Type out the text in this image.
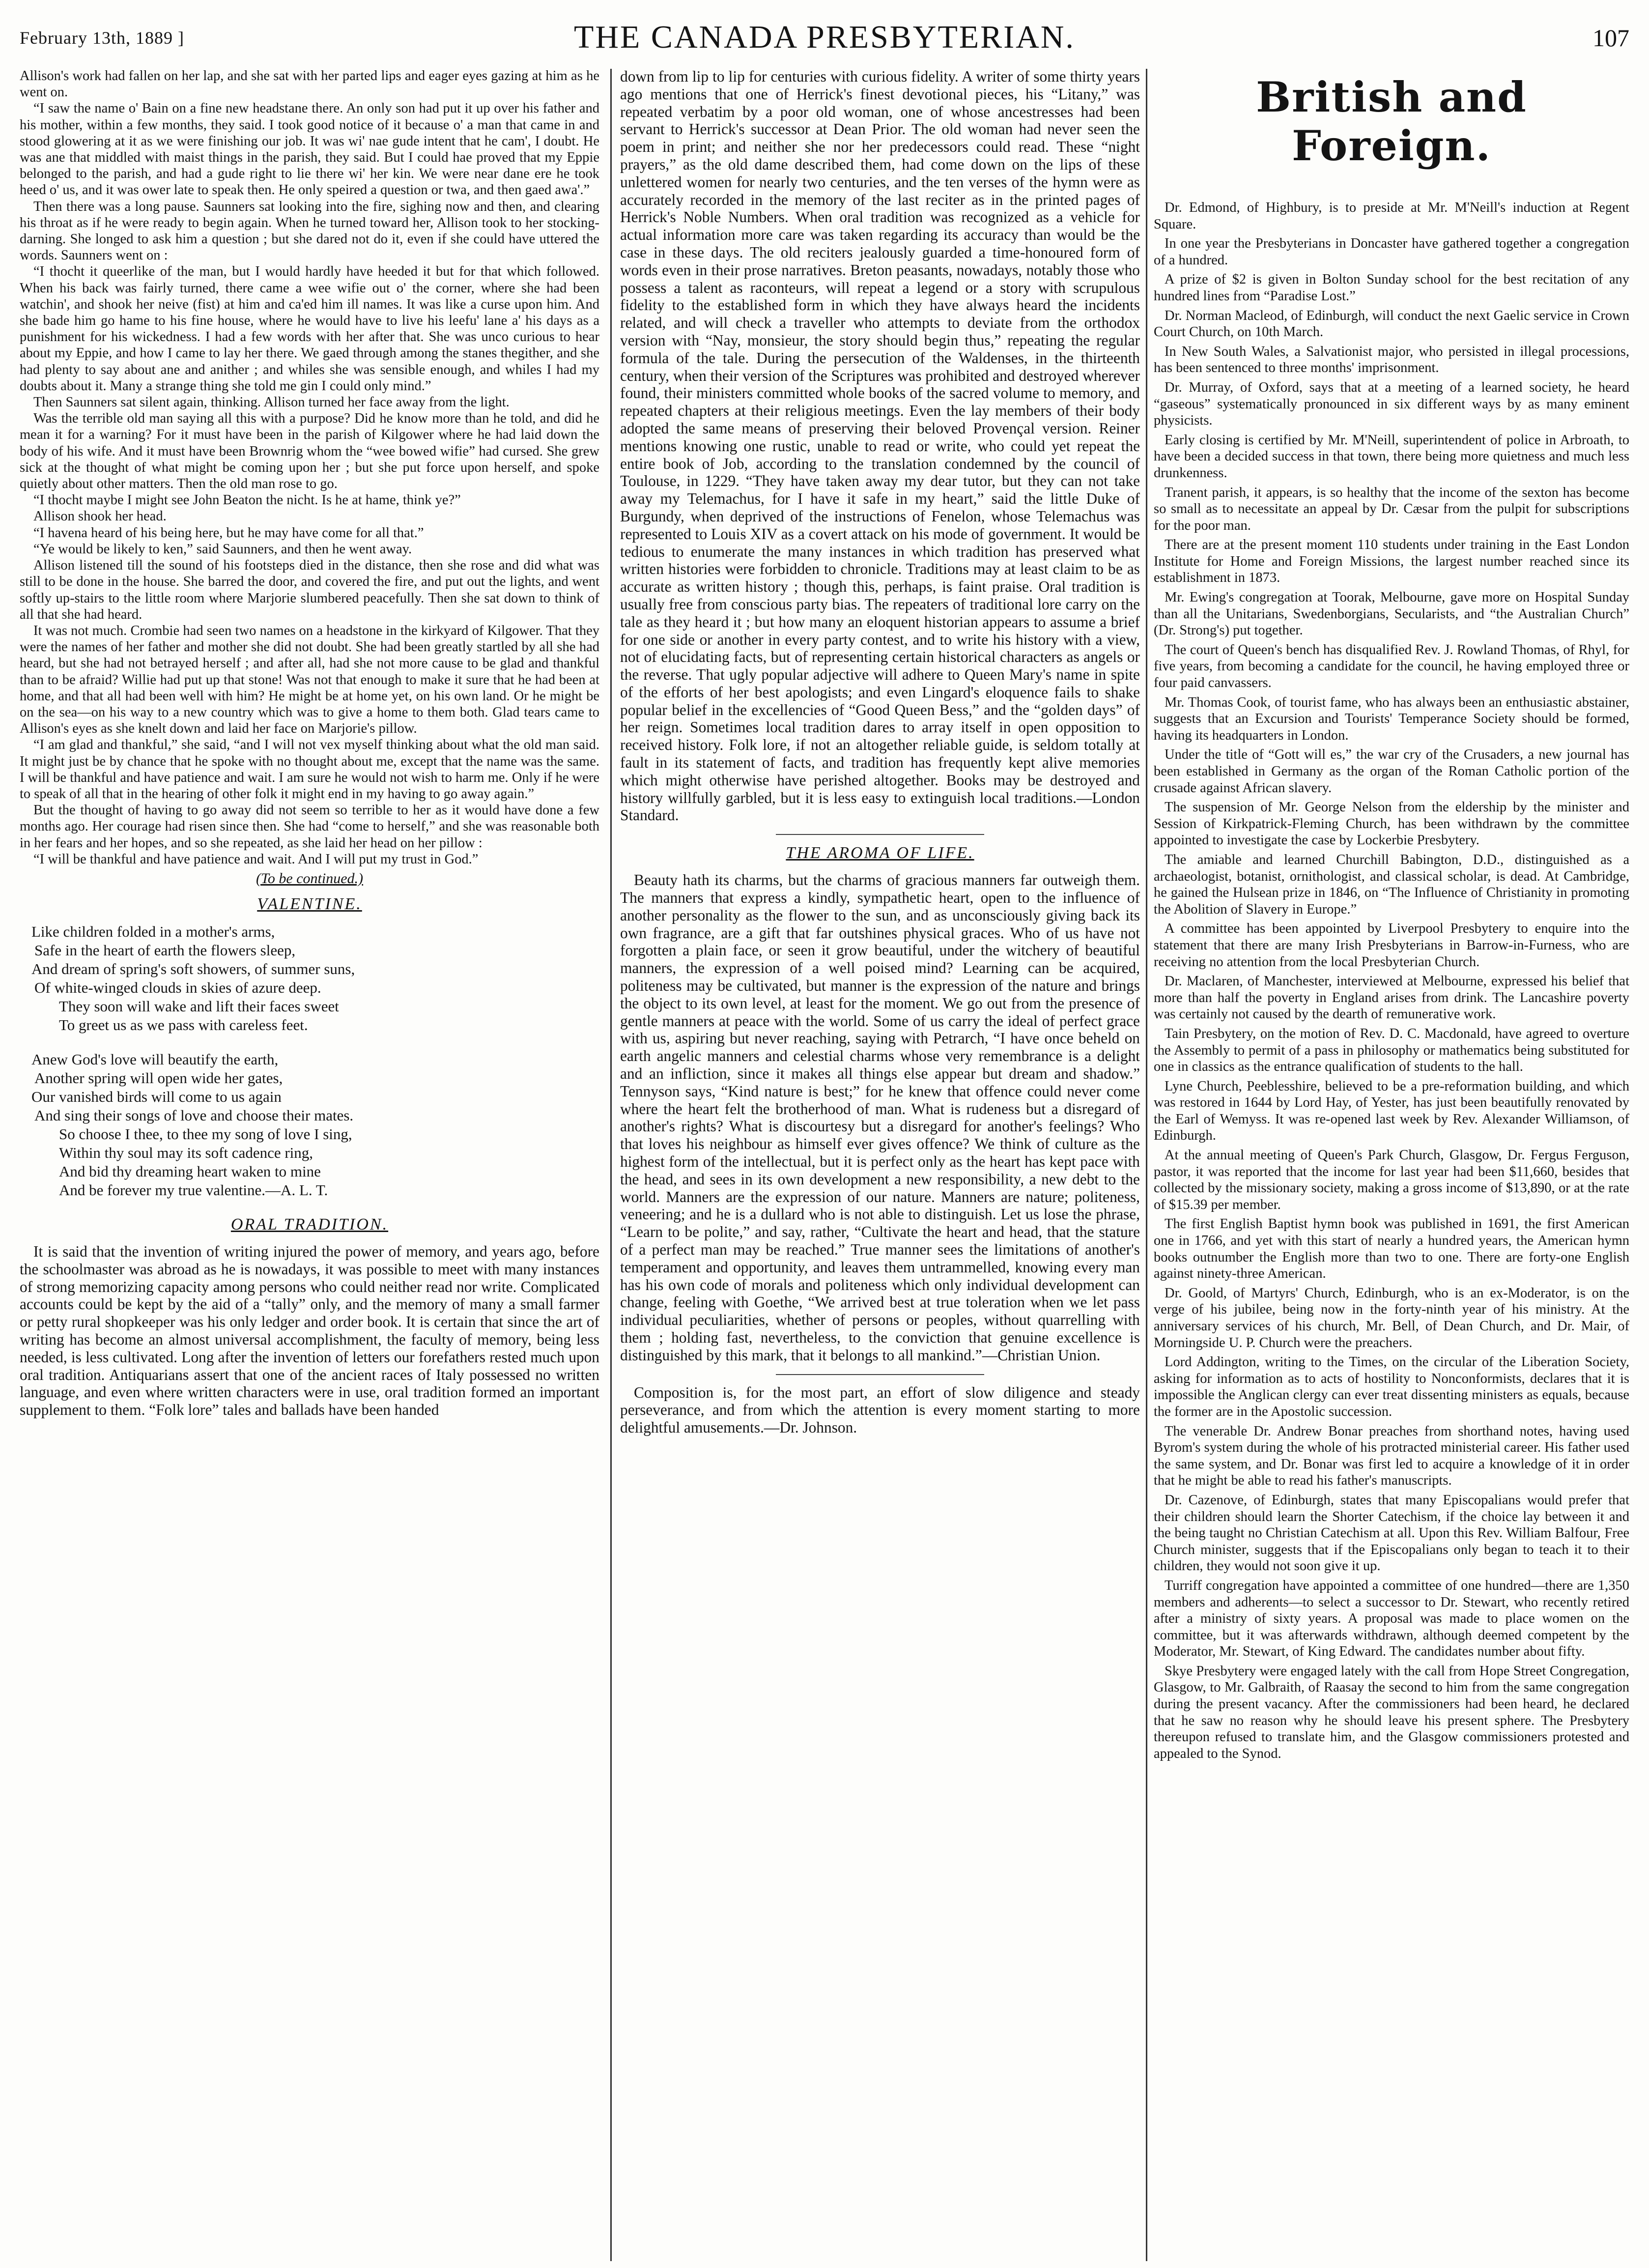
February 13th, 1889 ]	THE CANADA PRESBYTERIAN.	107

Allison's work had fallen on her lap, and she sat with her parted lips and eager eyes gazing at him as he went on.

“I saw the name o' Bain on a fine new headstane there. An only son had put it up over his father and his mother, within a few months, they said. I took good notice of it because o' a man that came in and stood glowering at it as we were finishing our job. It was wi' nae gude intent that he cam', I doubt. He was ane that middled with maist things in the parish, they said. But I could hae proved that my Eppie belonged to the parish, and had a gude right to lie there wi' her kin. We were near dane ere he took heed o' us, and it was ower late to speak then. He only speired a question or twa, and then gaed awa'.”

Then there was a long pause. Saunners sat looking into the fire, sighing now and then, and clearing his throat as if he were ready to begin again. When he turned toward her, Allison took to her stocking-darning. She longed to ask him a question ; but she dared not do it, even if she could have uttered the words. Saunners went on :

“I thocht it queerlike of the man, but I would hardly have heeded it but for that which followed. When his back was fairly turned, there came a wee wifie out o' the corner, where she had been watchin', and shook her neive (fist) at him and ca'ed him ill names. It was like a curse upon him. And she bade him go hame to his fine house, where he would have to live his leefu' lane a' his days as a punishment for his wickedness. I had a few words with her after that. She was unco curious to hear about my Eppie, and how I came to lay her there. We gaed through among the stanes thegither, and she had plenty to say about ane and anither ; and whiles she was sensible enough, and whiles I had my doubts about it. Many a strange thing she told me gin I could only mind.”

Then Saunners sat silent again, thinking. Allison turned her face away from the light.

Was the terrible old man saying all this with a purpose? Did he know more than he told, and did he mean it for a warning? For it must have been in the parish of Kilgower where he had laid down the body of his wife. And it must have been Brownrig whom the “wee bowed wifie” had cursed. She grew sick at the thought of what might be coming upon her ; but she put force upon herself, and spoke quietly about other matters. Then the old man rose to go.

“I thocht maybe I might see John Beaton the nicht. Is he at hame, think ye?”

Allison shook her head.

“I havena heard of his being here, but he may have come for all that.”

“Ye would be likely to ken,” said Saunners, and then he went away.

Allison listened till the sound of his footsteps died in the distance, then she rose and did what was still to be done in the house. She barred the door, and covered the fire, and put out the lights, and went softly up-stairs to the little room where Marjorie slumbered peacefully. Then she sat down to think of all that she had heard.

It was not much. Crombie had seen two names on a headstone in the kirkyard of Kilgower. That they were the names of her father and mother she did not doubt. She had been greatly startled by all she had heard, but she had not betrayed herself ; and after all, had she not more cause to be glad and thankful than to be afraid? Willie had put up that stone! Was not that enough to make it sure that he had been at home, and that all had been well with him? He might be at home yet, on his own land. Or he might be on the sea—on his way to a new country which was to give a home to them both. Glad tears came to Allison's eyes as she knelt down and laid her face on Marjorie's pillow.

“I am glad and thankful,” she said, “and I will not vex myself thinking about what the old man said. It might just be by chance that he spoke with no thought about me, except that the name was the same. I will be thankful and have patience and wait. I am sure he would not wish to harm me. Only if he were to speak of all that in the hearing of other folk it might end in my having to go away again.”

But the thought of having to go away did not seem so terrible to her as it would have done a few months ago. Her courage had risen since then. She had “come to herself,” and she was reasonable both in her fears and her hopes, and so she repeated, as she laid her head on her pillow :

“I will be thankful and have patience and wait. And I will put my trust in God.”

(To be continued.)
VALENTINE.
Like children folded in a mother's arms,
Safe in the heart of earth the flowers sleep,
And dream of spring's soft showers, of summer suns,
Of white-winged clouds in skies of azure deep.
They soon will wake and lift their faces sweet
To greet us as we pass with careless feet.
Anew God's love will beautify the earth,
Another spring will open wide her gates,
Our vanished birds will come to us again
And sing their songs of love and choose their mates.
So choose I thee, to thee my song of love I sing,
Within thy soul may its soft cadence ring,
And bid thy dreaming heart waken to mine
And be forever my true valentine.—A. L. T.
ORAL TRADITION.

It is said that the invention of writing injured the power of memory, and years ago, before the schoolmaster was abroad as he is nowadays, it was possible to meet with many instances of strong memorizing capacity among persons who could neither read nor write. Complicated accounts could be kept by the aid of a “tally” only, and the memory of many a small farmer or petty rural shopkeeper was his only ledger and order book. It is certain that since the art of writing has become an almost universal accomplishment, the faculty of memory, being less needed, is less cultivated. Long after the invention of letters our forefathers rested much upon oral tradition. Antiquarians assert that one of the ancient races of Italy possessed no written language, and even where written characters were in use, oral tradition formed an important supplement to them. “Folk lore” tales and ballads have been handed

down from lip to lip for centuries with curious fidelity. A writer of some thirty years ago mentions that one of Herrick's finest devotional pieces, his “Litany,” was repeated verbatim by a poor old woman, one of whose ancestresses had been servant to Herrick's successor at Dean Prior. The old woman had never seen the poem in print; and neither she nor her predecessors could read. These “night prayers,” as the old dame described them, had come down on the lips of these unlettered women for nearly two centuries, and the ten verses of the hymn were as accurately recorded in the memory of the last reciter as in the printed pages of Herrick's Noble Numbers. When oral tradition was recognized as a vehicle for actual information more care was taken regarding its accuracy than would be the case in these days. The old reciters jealously guarded a time-honoured form of words even in their prose narratives. Breton peasants, nowadays, notably those who possess a talent as raconteurs, will repeat a legend or a story with scrupulous fidelity to the established form in which they have always heard the incidents related, and will check a traveller who attempts to deviate from the orthodox version with “Nay, monsieur, the story should begin thus,” repeating the regular formula of the tale. During the persecution of the Waldenses, in the thirteenth century, when their version of the Scriptures was prohibited and destroyed wherever found, their ministers committed whole books of the sacred volume to memory, and repeated chapters at their religious meetings. Even the lay members of their body adopted the same means of preserving their beloved Provençal version. Reiner mentions knowing one rustic, unable to read or write, who could yet repeat the entire book of Job, according to the translation condemned by the council of Toulouse, in 1229. “They have taken away my dear tutor, but they can not take away my Telemachus, for I have it safe in my heart,” said the little Duke of Burgundy, when deprived of the instructions of Fenelon, whose Telemachus was represented to Louis XIV as a covert attack on his mode of government. It would be tedious to enumerate the many instances in which tradition has preserved what written histories were forbidden to chronicle. Traditions may at least claim to be as accurate as written history ; though this, perhaps, is faint praise. Oral tradition is usually free from conscious party bias. The repeaters of traditional lore carry on the tale as they heard it ; but how many an eloquent historian appears to assume a brief for one side or another in every party contest, and to write his history with a view, not of elucidating facts, but of representing certain historical characters as angels or the reverse. That ugly popular adjective will adhere to Queen Mary's name in spite of the efforts of her best apologists; and even Lingard's eloquence fails to shake popular belief in the excellencies of “Good Queen Bess,” and the “golden days” of her reign. Sometimes local tradition dares to array itself in open opposition to received history. Folk lore, if not an altogether reliable guide, is seldom totally at fault in its statement of facts, and tradition has frequently kept alive memories which might otherwise have perished altogether. Books may be destroyed and history willfully garbled, but it is less easy to extinguish local traditions.—London Standard.

THE AROMA OF LIFE.

Beauty hath its charms, but the charms of gracious manners far outweigh them. The manners that express a kindly, sympathetic heart, open to the influence of another personality as the flower to the sun, and as unconsciously giving back its own fragrance, are a gift that far outshines physical graces. Who of us have not forgotten a plain face, or seen it grow beautiful, under the witchery of beautiful manners, the expression of a well poised mind? Learning can be acquired, politeness may be cultivated, but manner is the expression of the nature and brings the object to its own level, at least for the moment. We go out from the presence of gentle manners at peace with the world. Some of us carry the ideal of perfect grace with us, aspiring but never reaching, saying with Petrarch, “I have once beheld on earth angelic manners and celestial charms whose very remembrance is a delight and an infliction, since it makes all things else appear but dream and shadow.” Tennyson says, “Kind nature is best;” for he knew that offence could never come where the heart felt the brotherhood of man. What is rudeness but a disregard of another's rights? What is discourtesy but a disregard for another's feelings? Who that loves his neighbour as himself ever gives offence? We think of culture as the highest form of the intellectual, but it is perfect only as the heart has kept pace with the head, and sees in its own development a new responsibility, a new debt to the world. Manners are the expression of our nature. Manners are nature; politeness, veneering; and he is a dullard who is not able to distinguish. Let us lose the phrase, “Learn to be polite,” and say, rather, “Cultivate the heart and head, that the stature of a perfect man may be reached.” True manner sees the limitations of another's temperament and opportunity, and leaves them untrammelled, knowing every man has his own code of morals and politeness which only individual development can change, feeling with Goethe, “We arrived best at true toleration when we let pass individual peculiarities, whether of persons or peoples, without quarrelling with them ; holding fast, nevertheless, to the conviction that genuine excellence is distinguished by this mark, that it belongs to all mankind.”—Christian Union.

Composition is, for the most part, an effort of slow diligence and steady perseverance, and from which the attention is every moment starting to more delightful amusements.—Dr. Johnson.

British and Foreign.

Dr. Edmond, of Highbury, is to preside at Mr. M'Neill's induction at Regent Square.

In one year the Presbyterians in Doncaster have gathered together a congregation of a hundred.

A prize of $2 is given in Bolton Sunday school for the best recitation of any hundred lines from “Paradise Lost.”

Dr. Norman Macleod, of Edinburgh, will conduct the next Gaelic service in Crown Court Church, on 10th March.

In New South Wales, a Salvationist major, who persisted in illegal processions, has been sentenced to three months' imprisonment.

Dr. Murray, of Oxford, says that at a meeting of a learned society, he heard “gaseous” systematically pronounced in six different ways by as many eminent physicists.

Early closing is certified by Mr. M'Neill, superintendent of police in Arbroath, to have been a decided success in that town, there being more quietness and much less drunkenness.

Tranent parish, it appears, is so healthy that the income of the sexton has become so small as to necessitate an appeal by Dr. Cæsar from the pulpit for subscriptions for the poor man.

There are at the present moment 110 students under training in the East London Institute for Home and Foreign Missions, the largest number reached since its establishment in 1873.

Mr. Ewing's congregation at Toorak, Melbourne, gave more on Hospital Sunday than all the Unitarians, Swedenborgians, Secularists, and “the Australian Church” (Dr. Strong's) put together.

The court of Queen's bench has disqualified Rev. J. Rowland Thomas, of Rhyl, for five years, from becoming a candidate for the council, he having employed three or four paid canvassers.

Mr. Thomas Cook, of tourist fame, who has always been an enthusiastic abstainer, suggests that an Excursion and Tourists' Temperance Society should be formed, having its headquarters in London.

Under the title of “Gott will es,” the war cry of the Crusaders, a new journal has been established in Germany as the organ of the Roman Catholic portion of the crusade against African slavery.

The suspension of Mr. George Nelson from the eldership by the minister and Session of Kirkpatrick-Fleming Church, has been withdrawn by the committee appointed to investigate the case by Lockerbie Presbytery.

The amiable and learned Churchill Babington, D.D., distinguished as a archaeologist, botanist, ornithologist, and classical scholar, is dead. At Cambridge, he gained the Hulsean prize in 1846, on “The Influence of Christianity in promoting the Abolition of Slavery in Europe.”

A committee has been appointed by Liverpool Presbytery to enquire into the statement that there are many Irish Presbyterians in Barrow-in-Furness, who are receiving no attention from the local Presbyterian Church.

Dr. Maclaren, of Manchester, interviewed at Melbourne, expressed his belief that more than half the poverty in England arises from drink. The Lancashire poverty was certainly not caused by the dearth of remunerative work.

Tain Presbytery, on the motion of Rev. D. C. Macdonald, have agreed to overture the Assembly to permit of a pass in philosophy or mathematics being substituted for one in classics as the entrance qualification of students to the hall.

Lyne Church, Peeblesshire, believed to be a pre-reformation building, and which was restored in 1644 by Lord Hay, of Yester, has just been beautifully renovated by the Earl of Wemyss. It was re-opened last week by Rev. Alexander Williamson, of Edinburgh.

At the annual meeting of Queen's Park Church, Glasgow, Dr. Fergus Ferguson, pastor, it was reported that the income for last year had been $11,660, besides that collected by the missionary society, making a gross income of $13,890, or at the rate of $15.39 per member.

The first English Baptist hymn book was published in 1691, the first American one in 1766, and yet with this start of nearly a hundred years, the American hymn books outnumber the English more than two to one. There are forty-one English against ninety-three American.

Dr. Goold, of Martyrs' Church, Edinburgh, who is an ex-Moderator, is on the verge of his jubilee, being now in the forty-ninth year of his ministry. At the anniversary services of his church, Mr. Bell, of Dean Church, and Dr. Mair, of Morningside U. P. Church were the preachers.

Lord Addington, writing to the Times, on the circular of the Liberation Society, asking for information as to acts of hostility to Nonconformists, declares that it is impossible the Anglican clergy can ever treat dissenting ministers as equals, because the former are in the Apostolic succession.

The venerable Dr. Andrew Bonar preaches from shorthand notes, having used Byrom's system during the whole of his protracted ministerial career. His father used the same system, and Dr. Bonar was first led to acquire a knowledge of it in order that he might be able to read his father's manuscripts.

Dr. Cazenove, of Edinburgh, states that many Episcopalians would prefer that their children should learn the Shorter Catechism, if the choice lay between it and the being taught no Christian Catechism at all. Upon this Rev. William Balfour, Free Church minister, suggests that if the Episcopalians only began to teach it to their children, they would not soon give it up.

Turriff congregation have appointed a committee of one hundred—there are 1,350 members and adherents—to select a successor to Dr. Stewart, who recently retired after a ministry of sixty years. A proposal was made to place women on the committee, but it was afterwards withdrawn, although deemed competent by the Moderator, Mr. Stewart, of King Edward. The candidates number about fifty.

Skye Presbytery were engaged lately with the call from Hope Street Congregation, Glasgow, to Mr. Galbraith, of Raasay the second to him from the same congregation during the present vacancy. After the commissioners had been heard, he declared that he saw no reason why he should leave his present sphere. The Presbytery thereupon refused to translate him, and the Glasgow commissioners protested and appealed to the Synod.
